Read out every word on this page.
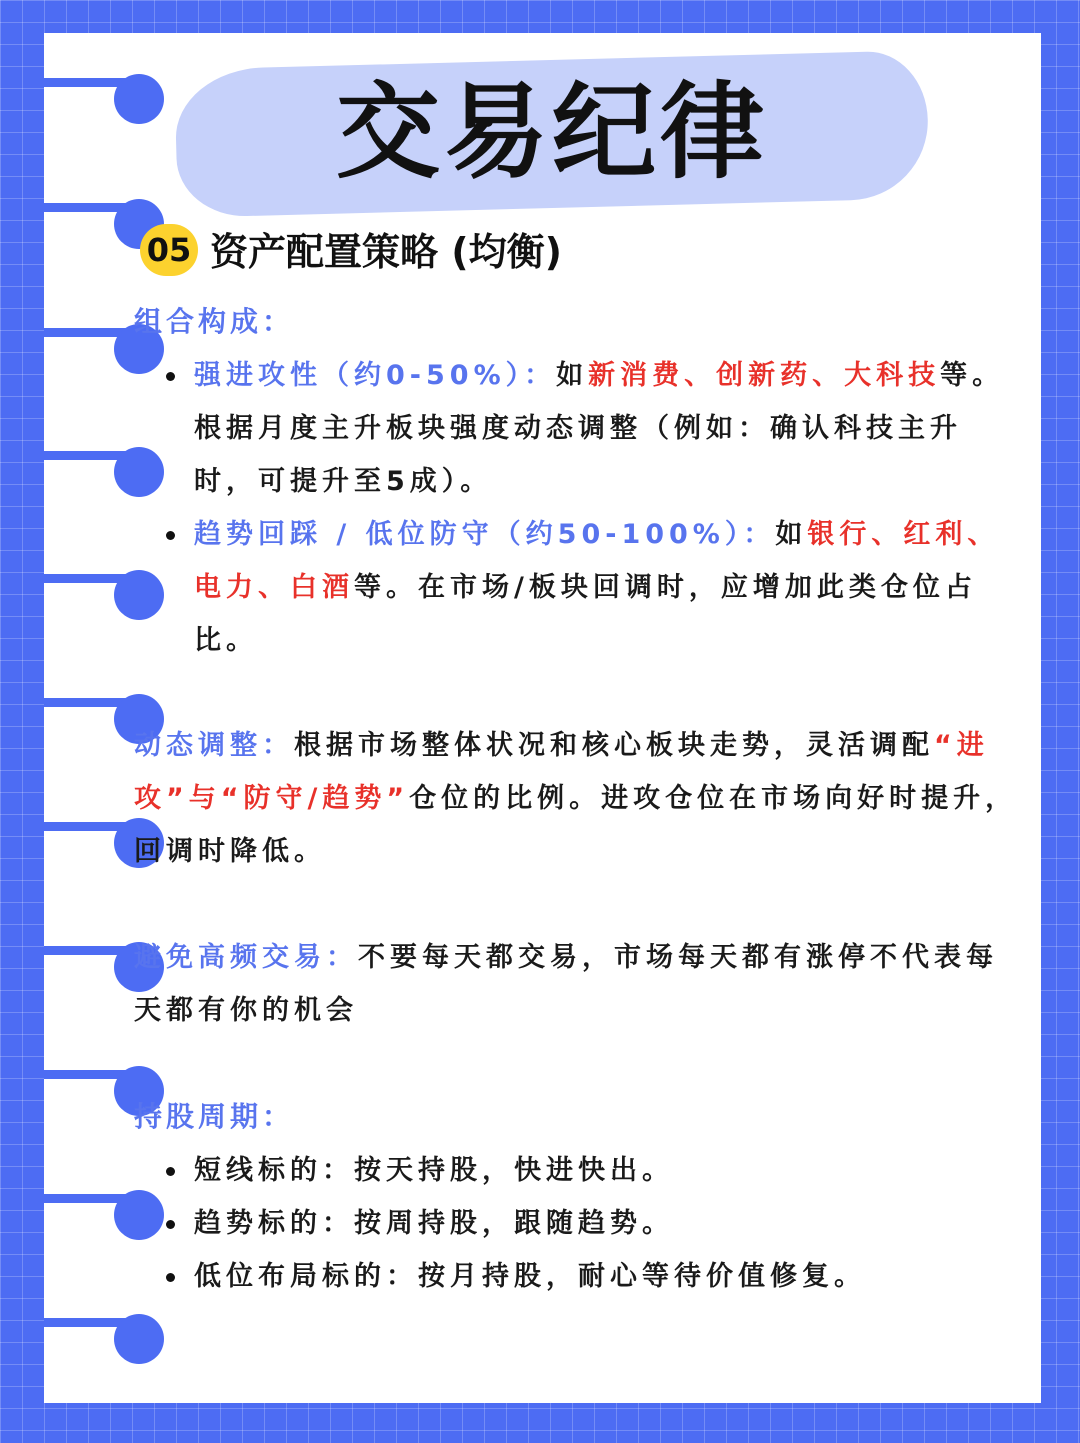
交易纪律
05 资产配置策略 (均衡)
组合构成：
强进攻性（约0-50%）：如新消费、创新药、大科技等。根据月度主升板块强度动态调整（例如：确认科技主升时，可提升至5成）。
趋势回踩 / 低位防守（约50-100%）：如银行、红利、电力、白酒等。在市场/板块回调时，应增加此类仓位占比。

动态调整：根据市场整体状况和核心板块走势，灵活调配“进攻”与“防守/趋势”仓位的比例。进攻仓位在市场向好时提升，回调时降低。

避免高频交易：不要每天都交易，市场每天都有涨停不代表每天都有你的机会

持股周期：
短线标的：按天持股，快进快出。
趋势标的：按周持股，跟随趋势。
低位布局标的：按月持股，耐心等待价值修复。
